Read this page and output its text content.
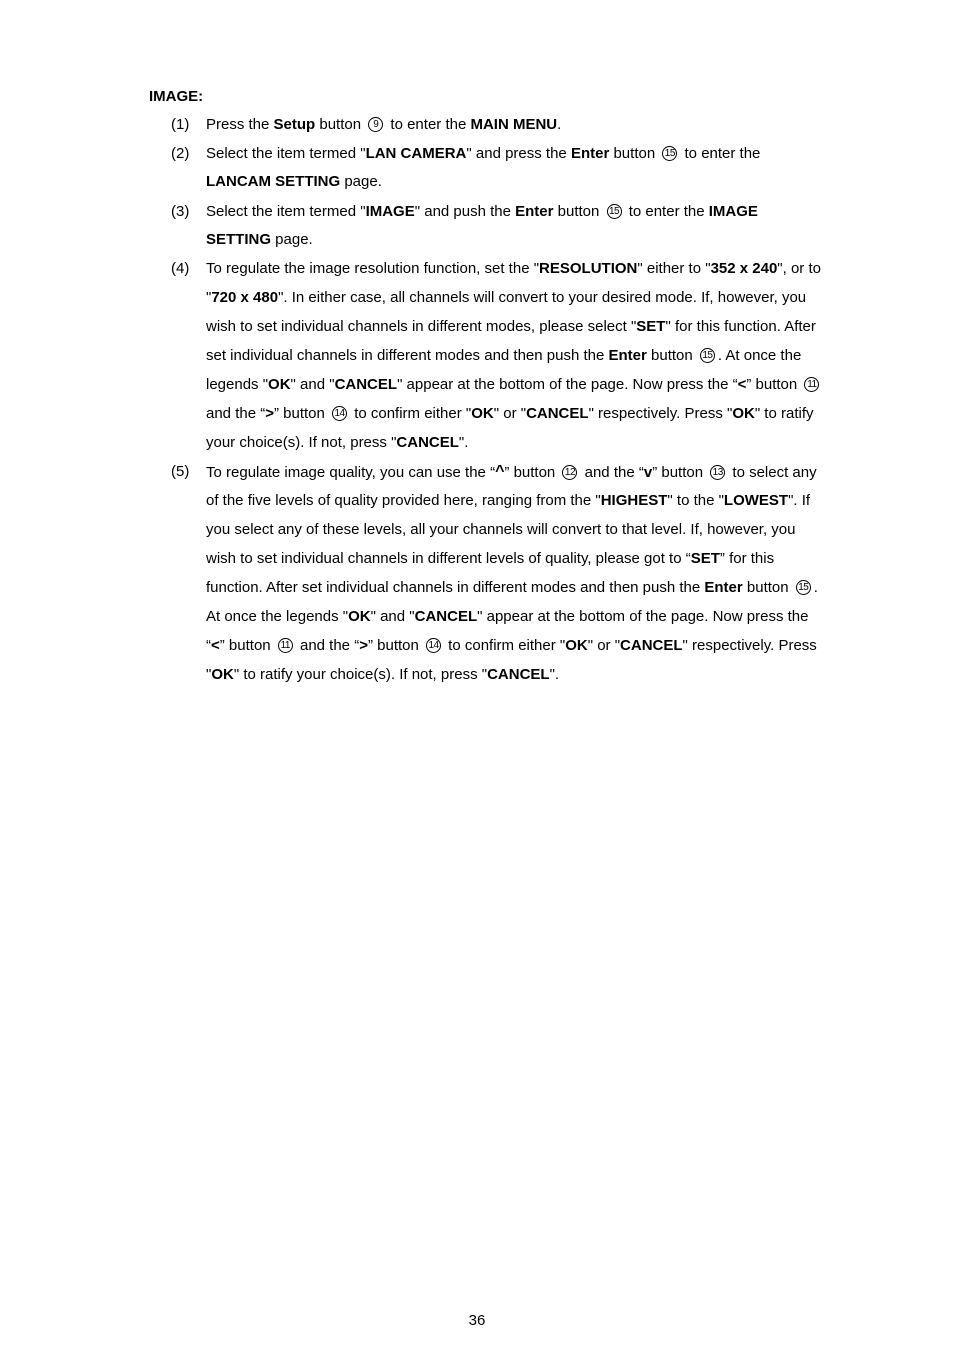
IMAGE:

(1) Press the Setup button 9 to enter the MAIN MENU.
(2) Select the item termed "LAN CAMERA" and press the Enter button 15 to enter the
LANCAM SETTING page.
(3) Select the item termed "IMAGE" and push the Enter button 15 to enter the IMAGE
SETTING page.
(4) To regulate the image resolution function, set the "RESOLUTION" either to "352 x 240", or to
"720 x 480". In either case, all channels will convert to your desired mode. If, however, you
wish to set individual channels in different modes, please select "SET" for this function. After
set individual channels in different modes and then push the Enter button 15 . At once the
legends "OK" and "CANCEL" appear at the bottom of the page. Now press the “<” button 11
and the “>” button 14 to confirm either "OK" or "CANCEL" respectively. Press "OK" to ratify
your choice(s). If not, press "CANCEL".
(5) To regulate image quality, you can use the “^” button 12 and the “v” button 13 to select any
of the five levels of quality provided here, ranging from the "HIGHEST" to the "LOWEST". If
you select any of these levels, all your channels will convert to that level. If, however, you
wish to set individual channels in different levels of quality, please got to “SET” for this
function. After set individual channels in different modes and then push the Enter button 15 .
At once the legends "OK" and "CANCEL" appear at the bottom of the page. Now press the
“<” button 11 and the “>” button 14 to confirm either "OK" or "CANCEL" respectively. Press
"OK" to ratify your choice(s). If not, press "CANCEL".
36
